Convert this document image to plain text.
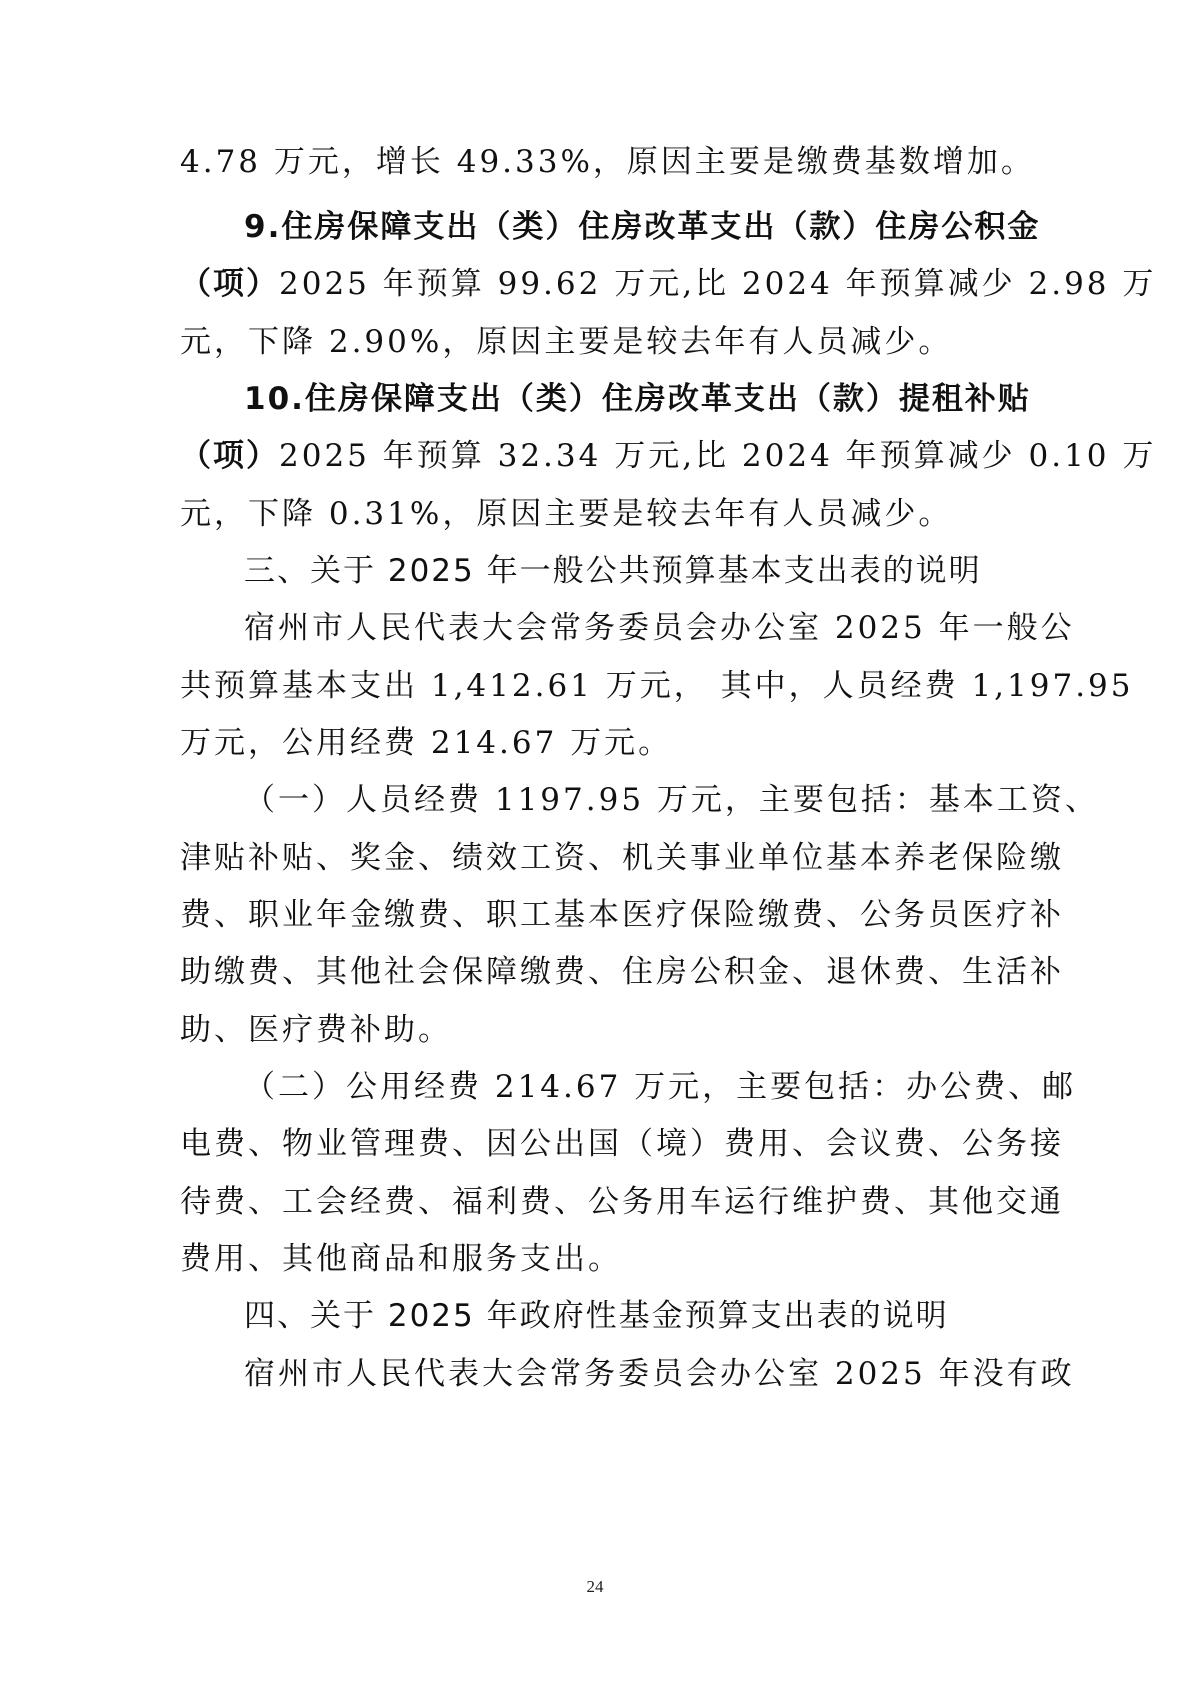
4.78 万元，增长 49.33%，原因主要是缴费基数增加。
9.住房保障支出（类）住房改革支出（款）住房公积金
（项）2025 年预算 99.62 万元,比 2024 年预算减少 2.98 万
元，下降 2.90%，原因主要是较去年有人员减少。
10.住房保障支出（类）住房改革支出（款）提租补贴
（项）2025 年预算 32.34 万元,比 2024 年预算减少 0.10 万
元，下降 0.31%，原因主要是较去年有人员减少。
三、关于 2025 年一般公共预算基本支出表的说明
宿州市人民代表大会常务委员会办公室 2025 年一般公
共预算基本支出 1,412.61 万元， 其中，人员经费 1,197.95
万元，公用经费 214.67 万元。
（一）人员经费 1197.95 万元，主要包括：基本工资、
津贴补贴、奖金、绩效工资、机关事业单位基本养老保险缴
费、职业年金缴费、职工基本医疗保险缴费、公务员医疗补
助缴费、其他社会保障缴费、住房公积金、退休费、生活补
助、医疗费补助。
（二）公用经费 214.67 万元，主要包括：办公费、邮
电费、物业管理费、因公出国（境）费用、会议费、公务接
待费、工会经费、福利费、公务用车运行维护费、其他交通
费用、其他商品和服务支出。
四、关于 2025 年政府性基金预算支出表的说明
宿州市人民代表大会常务委员会办公室 2025 年没有政
24
